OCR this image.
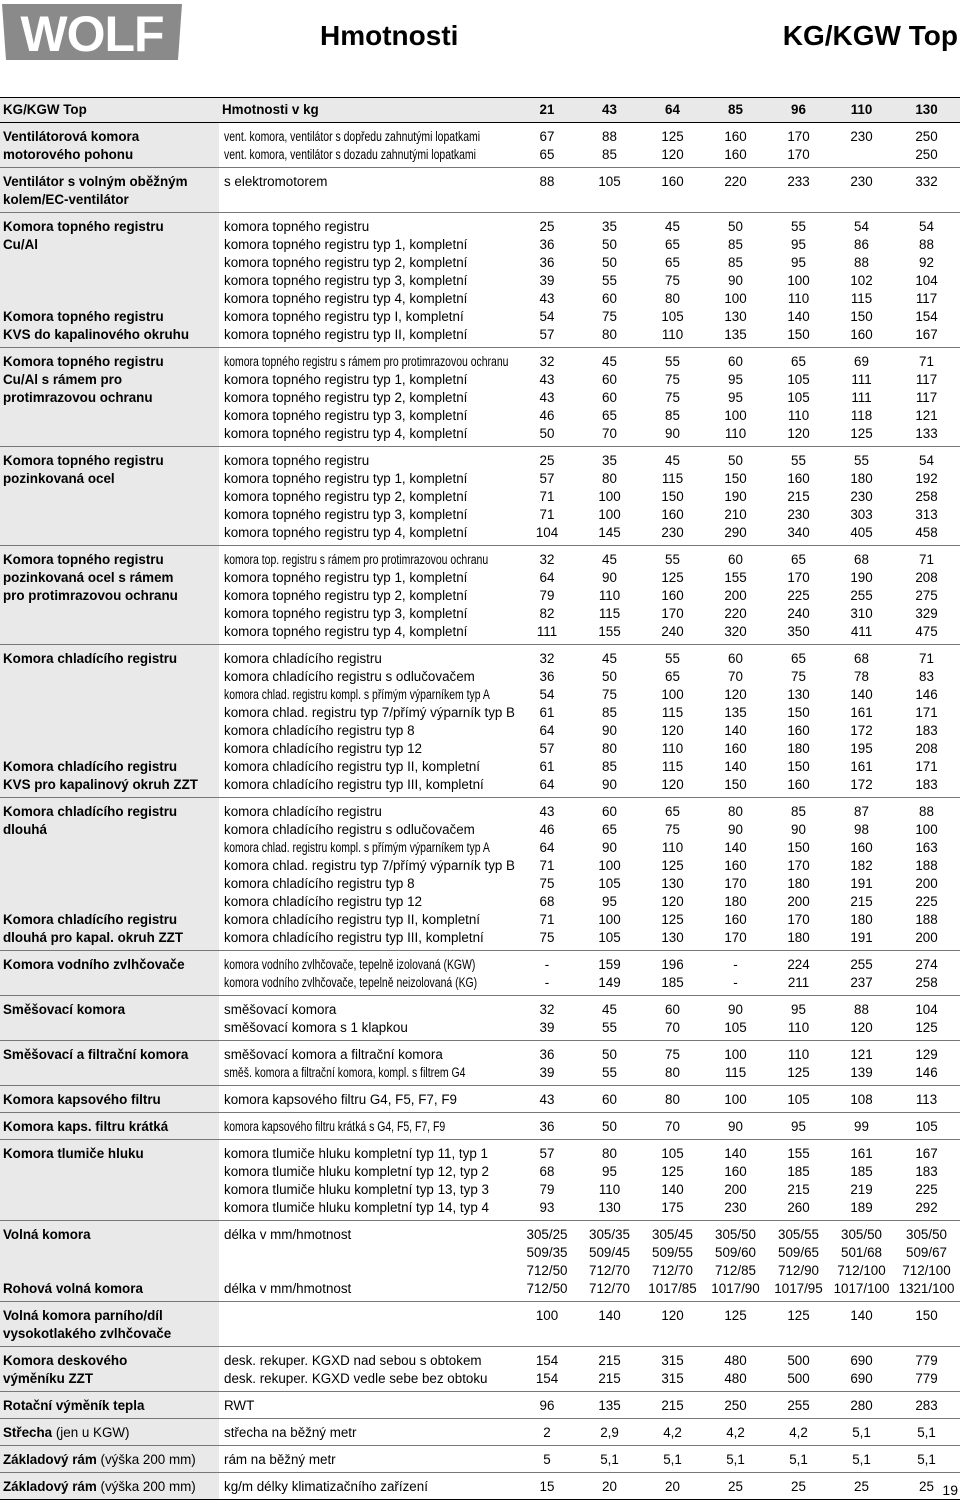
WOLF	Hmotnosti	KG/KGW Top
KG/KGW Top	Hmotnosti v kg	21	43	64	85	96	110	130
Ventilátorová komora	vent. komora, ventilátor s dopředu zahnutými lopatkami	67	88	125	160	170	230	250
motorového pohonu	vent. komora, ventilátor s dozadu zahnutými lopatkami	65	85	120	160	170		250
Ventilátor s volným oběžným	s elektromotorem	88	105	160	220	233	230	332
kolem/EC-ventilátor								
Komora topného registru	komora topného registru	25	35	45	50	55	54	54
Cu/Al	komora topného registru typ 1, kompletní	36	50	65	85	95	86	88
	komora topného registru typ 2, kompletní	36	50	65	85	95	88	92
	komora topného registru typ 3, kompletní	39	55	75	90	100	102	104
	komora topného registru typ 4, kompletní	43	60	80	100	110	115	117
Komora topného registru	komora topného registru typ I, kompletní	54	75	105	130	140	150	154
KVS do kapalinového okruhu	komora topného registru typ II, kompletní	57	80	110	135	150	160	167
Komora topného registru	komora topného registru s rámem pro protimrazovou ochranu	32	45	55	60	65	69	71
Cu/Al s rámem pro	komora topného registru typ 1, kompletní	43	60	75	95	105	111	117
protimrazovou ochranu	komora topného registru typ 2, kompletní	43	60	75	95	105	111	117
	komora topného registru typ 3, kompletní	46	65	85	100	110	118	121
	komora topného registru typ 4, kompletní	50	70	90	110	120	125	133
Komora topného registru	komora topného registru	25	35	45	50	55	55	54
pozinkovaná ocel	komora topného registru typ 1, kompletní	57	80	115	150	160	180	192
	komora topného registru typ 2, kompletní	71	100	150	190	215	230	258
	komora topného registru typ 3, kompletní	71	100	160	210	230	303	313
	komora topného registru typ 4, kompletní	104	145	230	290	340	405	458
Komora topného registru	komora top. registru s rámem pro protimrazovou ochranu	32	45	55	60	65	68	71
pozinkovaná ocel s rámem	komora topného registru typ 1, kompletní	64	90	125	155	170	190	208
pro protimrazovou ochranu	komora topného registru typ 2, kompletní	79	110	160	200	225	255	275
	komora topného registru typ 3, kompletní	82	115	170	220	240	310	329
	komora topného registru typ 4, kompletní	111	155	240	320	350	411	475
Komora chladícího registru	komora chladícího registru	32	45	55	60	65	68	71
	komora chladícího registru s odlučovačem	36	50	65	70	75	78	83
	komora chlad. registru kompl. s přímým výparníkem typ A	54	75	100	120	130	140	146
	komora chlad. registru typ 7/přímý výparník typ B	61	85	115	135	150	161	171
	komora chladícího registru typ 8	64	90	120	140	160	172	183
	komora chladícího registru typ 12	57	80	110	160	180	195	208
Komora chladícího registru	komora chladícího registru typ II, kompletní	61	85	115	140	150	161	171
KVS pro kapalinový okruh ZZT	komora chladícího registru typ III, kompletní	64	90	120	150	160	172	183
Komora chladícího registru	komora chladícího registru	43	60	65	80	85	87	88
dlouhá	komora chladícího registru s odlučovačem	46	65	75	90	90	98	100
	komora chlad. registru kompl. s přímým výparníkem typ A	64	90	110	140	150	160	163
	komora chlad. registru typ 7/přímý výparník typ B	71	100	125	160	170	182	188
	komora chladícího registru typ 8	75	105	130	170	180	191	200
	komora chladícího registru typ 12	68	95	120	180	200	215	225
Komora chladícího registru	komora chladícího registru typ II, kompletní	71	100	125	160	170	180	188
dlouhá pro kapal. okruh ZZT	komora chladícího registru typ III, kompletní	75	105	130	170	180	191	200
Komora vodního zvlhčovače	komora vodního zvlhčovače, tepelně izolovaná (KGW)	-	159	196	-	224	255	274
	komora vodního zvlhčovače, tepelně neizolovaná (KG)	-	149	185	-	211	237	258
Směšovací komora	směšovací komora	32	45	60	90	95	88	104
	směšovací komora s 1 klapkou	39	55	70	105	110	120	125
Směšovací a filtrační komora	směšovací komora a filtrační komora	36	50	75	100	110	121	129
	směš. komora a filtrační komora, kompl. s filtrem G4	39	55	80	115	125	139	146
Komora kapsového filtru	komora kapsového filtru G4, F5, F7, F9	43	60	80	100	105	108	113
Komora kaps. filtru krátká	komora kapsového filtru krátká s G4, F5, F7, F9	36	50	70	90	95	99	105
Komora tlumiče hluku	komora tlumiče hluku kompletní typ 11, typ 1	57	80	105	140	155	161	167
	komora tlumiče hluku kompletní typ 12, typ 2	68	95	125	160	185	185	183
	komora tlumiče hluku kompletní typ 13, typ 3	79	110	140	200	215	219	225
	komora tlumiče hluku kompletní typ 14, typ 4	93	130	175	230	260	189	292
Volná komora	délka v mm/hmotnost	305/25	305/35	305/45	305/50	305/55	305/50	305/50
		509/35	509/45	509/55	509/60	509/65	501/68	509/67
		712/50	712/70	712/70	712/85	712/90	712/100	712/100
Rohová volná komora	délka v mm/hmotnost	712/50	712/70	1017/85	1017/90	1017/95	1017/100	1321/100
Volná komora parního/díl		100	140	120	125	125	140	150
vysokotlakého zvlhčovače								
Komora deskového	desk. rekuper. KGXD nad sebou s obtokem	154	215	315	480	500	690	779
výměníku ZZT	desk. rekuper. KGXD vedle sebe bez obtoku	154	215	315	480	500	690	779
Rotační výměník tepla	RWT	96	135	215	250	255	280	283
Střecha (jen u KGW)	střecha na běžný metr	2	2,9	4,2	4,2	4,2	5,1	5,1
Základový rám (výška 200 mm)	rám na běžný metr	5	5,1	5,1	5,1	5,1	5,1	5,1
Základový rám (výška 200 mm)	kg/m délky klimatizačního zařízení	15	20	20	25	25	25	25 19
